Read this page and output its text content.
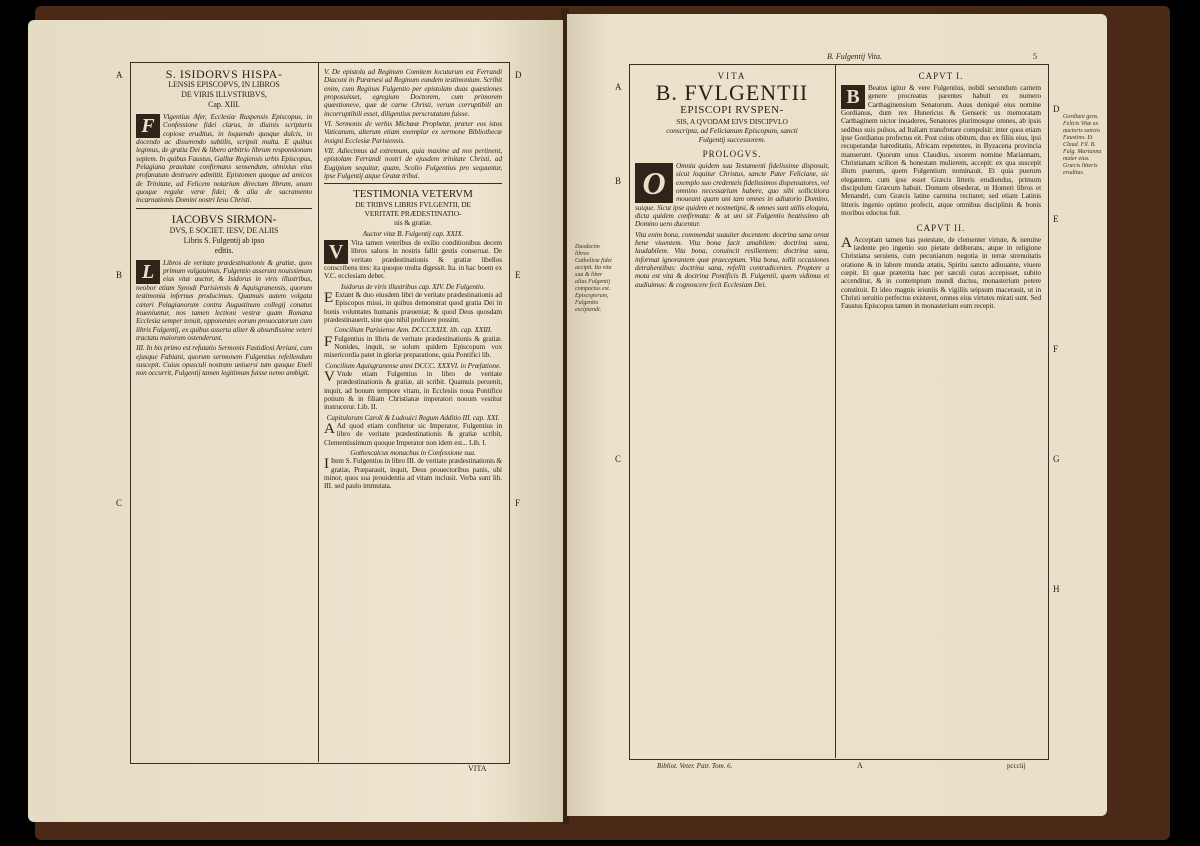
A
B
C
D
E
F
S. ISIDORVS HISPA-
LENSIS EPISCOPVS, IN LIBROS
DE VIRIS ILLVSTRIBVS,
Cap. XIII.

F	Vlgentius Afer, Ecclesiæ Ruspensis Episcopus, in Confessione fidei clarus, in diuinis scripturis copiose eruditus, in loquendo quoque dulcis, in docendo ac disserendo subtilis, scripsit multa. E quibus legimus, de gratia Dei & libero arbitrio librum responsionum septem. In quibus Faustus, Galliæ Regiensis urbis Episcopus, Pelagiana prauitate confirmans sensendum, obnixius eius profanatum destruere admittit. Epistomen quoque ad amicos de Trinitate, ad Felicem notarium directum librum, unum quoque regulæ veræ fidei; & alia de sacramento incarnationis Domini nostri Iesu Christi.

IACOBVS SIRMON-
DVS, E SOCIET. IESV, DE ALIIS
Libris S. Fulgentij ab ipso
editis.

L	Libros de veritate prædestinationis & gratiæ, quos primum vulgauimus, Fulgentio asserunt nouissimum eius vitæ auctor, & Isidorus in viris illustribus, neobor etiam Synodi Parisiensis & Aquisgranensis, quorum testimonia infernus producimus. Quamuis autem volgata cæteri Pelagianorum contra Augustinum collegij conatus inueniuntur, nos tamen lectioni vestræ quam Romana Ecclesia semper tenuit, opponentes eorum prouocatorum cum libris Fulgentij, ex quibus asserta aliter & absurdissime veteri tractatu maiorum ostenderunt.

III. In his primo est refutatio Sermonis Fastidiosi Arriani, cum ejusque Fabiani, quorum sermonem Fulgentius refellendum suscepit. Cuius opusculi nostram uniuersi tum quoque Eneli non occurrit, Fulgentij tamen legitimum fuisse nemo ambigit.

V. De epistola ad Reginum Comitem locuturum est Ferrandi Diaconi in Parænesi ad Reginum eundem testimonium. Scribit enim, cum Reginus Fulgentio per epistolam duas quæstiones proposuisset, egregium Doctorem, cum primorem quæstioneve, quæ de carne Christi, verum corruptibili an incorruptibili esset, diligentius perscrutatum fuisse.

VI. Sermonis de verbis Michææ Prophetæ, præter eos istos Vaticanum, alterum etiam exemplar ex sermone Bibliothecæ insigni Ecclesiæ Parisiensis.

VII. Adiecimus ad extremum, quia maxime ad nos pertinent, epistolam Ferrandi nostri de ejusdem trinitate Christi, ad Eugipium sequitur, quam, Scolio Fulgentius pro sequuntur, ipse Fulgentij atque Gratæ tribui.

TESTIMONIA VETERVM
DE TRIBVS LIBRIS FVLGENTII, DE
VERITATE PRÆDESTINATIO-
nis & gratiæ.
Auctor vitæ B. Fulgentij cap. XXIX.

V	Vita tamen veteribus de exilio conditionibus decem libros saluos in nostris fallit gestis conseruat. De veritate prædestinationis & gratiæ libellos conscribens tres: ita quoque multa digessit. Ita. in hac boem ex V.C. ecclesiam debet.

Isidorus de viris illustribus cap. XIV. De Fulgentio.

E Extant & duo eiusdem libri de veritate prædestinationis ad Episcopos missi, in quibus demonstrat quod gratia Dei in bonis voluntates humanis præueniat; & quod Deus quosdam prædestinauerit, sine quo nihil proficere possint.

Concilium Parisiense Ann. DCCCXXIX. lib. cap. XXIII.

F Fulgentius in libris de veritate prædestinationis & gratiæ. Nonides, inquit, se solum quidem Episcopum vox misericordia patet in gloriæ preparatione, quia Pontifici lib.

Concilium Aquisgranense anni DCCC. XXXVI. in Præfatione.

V Vnde etiam Fulgentius in libro de veritate prædestinationis & gratiæ, ait scribit. Quamuis peruenit, inquit, ad bonum tempore vitam, in Ecclesiis noua Pontifice potium & in filiam Christianæ imperatori nouum vestitur instrucerur. Lib. II.

Capitulorum Caroli & Ludouici Regum Additio III. cap. XXI.

A Ad quod etiam confitetur sic Imperator, Fulgentius in libro de veritate prædestinationis & gratiæ scribit, Clementissimum quoque Imperator non idem est... Lib. I.

Gothescalcus monachus in Confessione sua.

I Item S. Fulgentius in libro III. de veritate prædestinationis & gratiæ, Præparauit, inquit, Deus prouectoribus panis, ubi minor, quos sua prouidentia ad vitam inclusit. Verba sunt lib. III. sed paulo immutata.

VITA
B. Fulgentij Vita.	5
A
B
C
D
E
F
G
H
Duodecim libros Catholicæ fidei accipit. Ita vita sua & liber alius Fulgentij compactus est. Episcoporum, Fulgentio excipiendi.
Gordiani gens. Felicis Vitæ ex auctoris sancto Faustino. Et Claud. Fil. B. Fulg. Marianna mater eius. Græcis litteris eruditus.
VITA
B. FVLGENTII
EPISCOPI RVSPEN-
SIS, A QVODAM EIVS DISCIPVLO
conscripta, ad Felicianum Episcopum, sancti
Fulgentij successorem.
PROLOGVS.

O	Omnia quidem sua Testamenti fidelissime disposuit, sicut loquitur Christus, sancte Pater Feliciane, sic exemplo suo credenteis fidelissimos dispensatores, vel omnino necessarium habere, quo sibi sollicitiora moueant quam uni tam omnes in adiutorio Domino, suique. Sicut ipse quidem et nosmetipsi, & omnes sunt utilis eloquia, dicta quidem confirmata: & ut uni sit Fulgentio beatissimo ab Domino uero ducentur.

Vita enim bona, commendat suauiter docentem: doctrina sana ornat bene viuentem. Vita bona facit amabilem: doctrina sana, laudabilem. Vita bona, conuincit resilientem: doctrina sana, informat ignorantem quæ praeceptum. Vita bona, tollit occasiones detrahentibus: doctrina sana, refellit contradicentes. Proptere a mota est vita & doctrina Pontificis B. Fulgentii, quem vidimus et audiuimus: & cognoscere fecit Ecclesiam Dei.

CAPVT I.

B	Beatus igitur & vere Fulgentius, nobili secundum carnem genere procreatus parentes habuit ex numero Carthaginensium Senatorum. Auus deniqué eius nomine Gordianus, dum rex Hunericus & Genseric us memoratam Carthaginem uictor inuaderes, Senatores plurimosque omnes, ab ipsis sedibus suis pulsos, ad Italiam transfretare compulsit: inter quos etiam ipse Gordianus profectus eit. Post cuius obitum, duo ex filiis eius, ipsi recuperandæ hæreditatis, Africam repetentes, in Byzacena provincia manserunt. Quorum unus Claudius, uxorem nomine Mariannam, Christianam scilicet & honestam mulierem, accepit: ex qua suscepit illum puerum, quem Fulgentium nominauit. Et quia puerum elegantem, cum ipse esset Græcis litteris erudiendus, primum discipulum Græcum habuit. Domum obsederat, ut Homeri libros et Menandri, cum Græcis latine carmina recitaret; sed etiam Latinis litteris ingenio optimo profecit, atque omnibus disciplinis & bonis moribus edoctus fuit.

CAPVT II.

A Acceptam tamen has potestate, de clementer virtute, & nemine lædente pro ingenio suo pietate deliberans, atque in religione Christiana seruiens, cum pecuniarum negotia in terræ strenuitatis oratione & in labore munda ætatis, Spiritu sancto adiuuante, viuere cœpit. Et quæ præterita hæc per sæculi curas accepisset, subito accenditur, & in contemptum mundi ductus, monasterium petere constituit. Et ideo magnis ieiuniis & vigiliis seipsum macerauit, ut in Christi seruitio perfectus existeret, omnes eius virtutes mirati sunt. Sed Faustus Episcopus tamen in monasterium eum recepit.

Bibliot. Veter. Patr. Tom. 6.	A	pccciij
